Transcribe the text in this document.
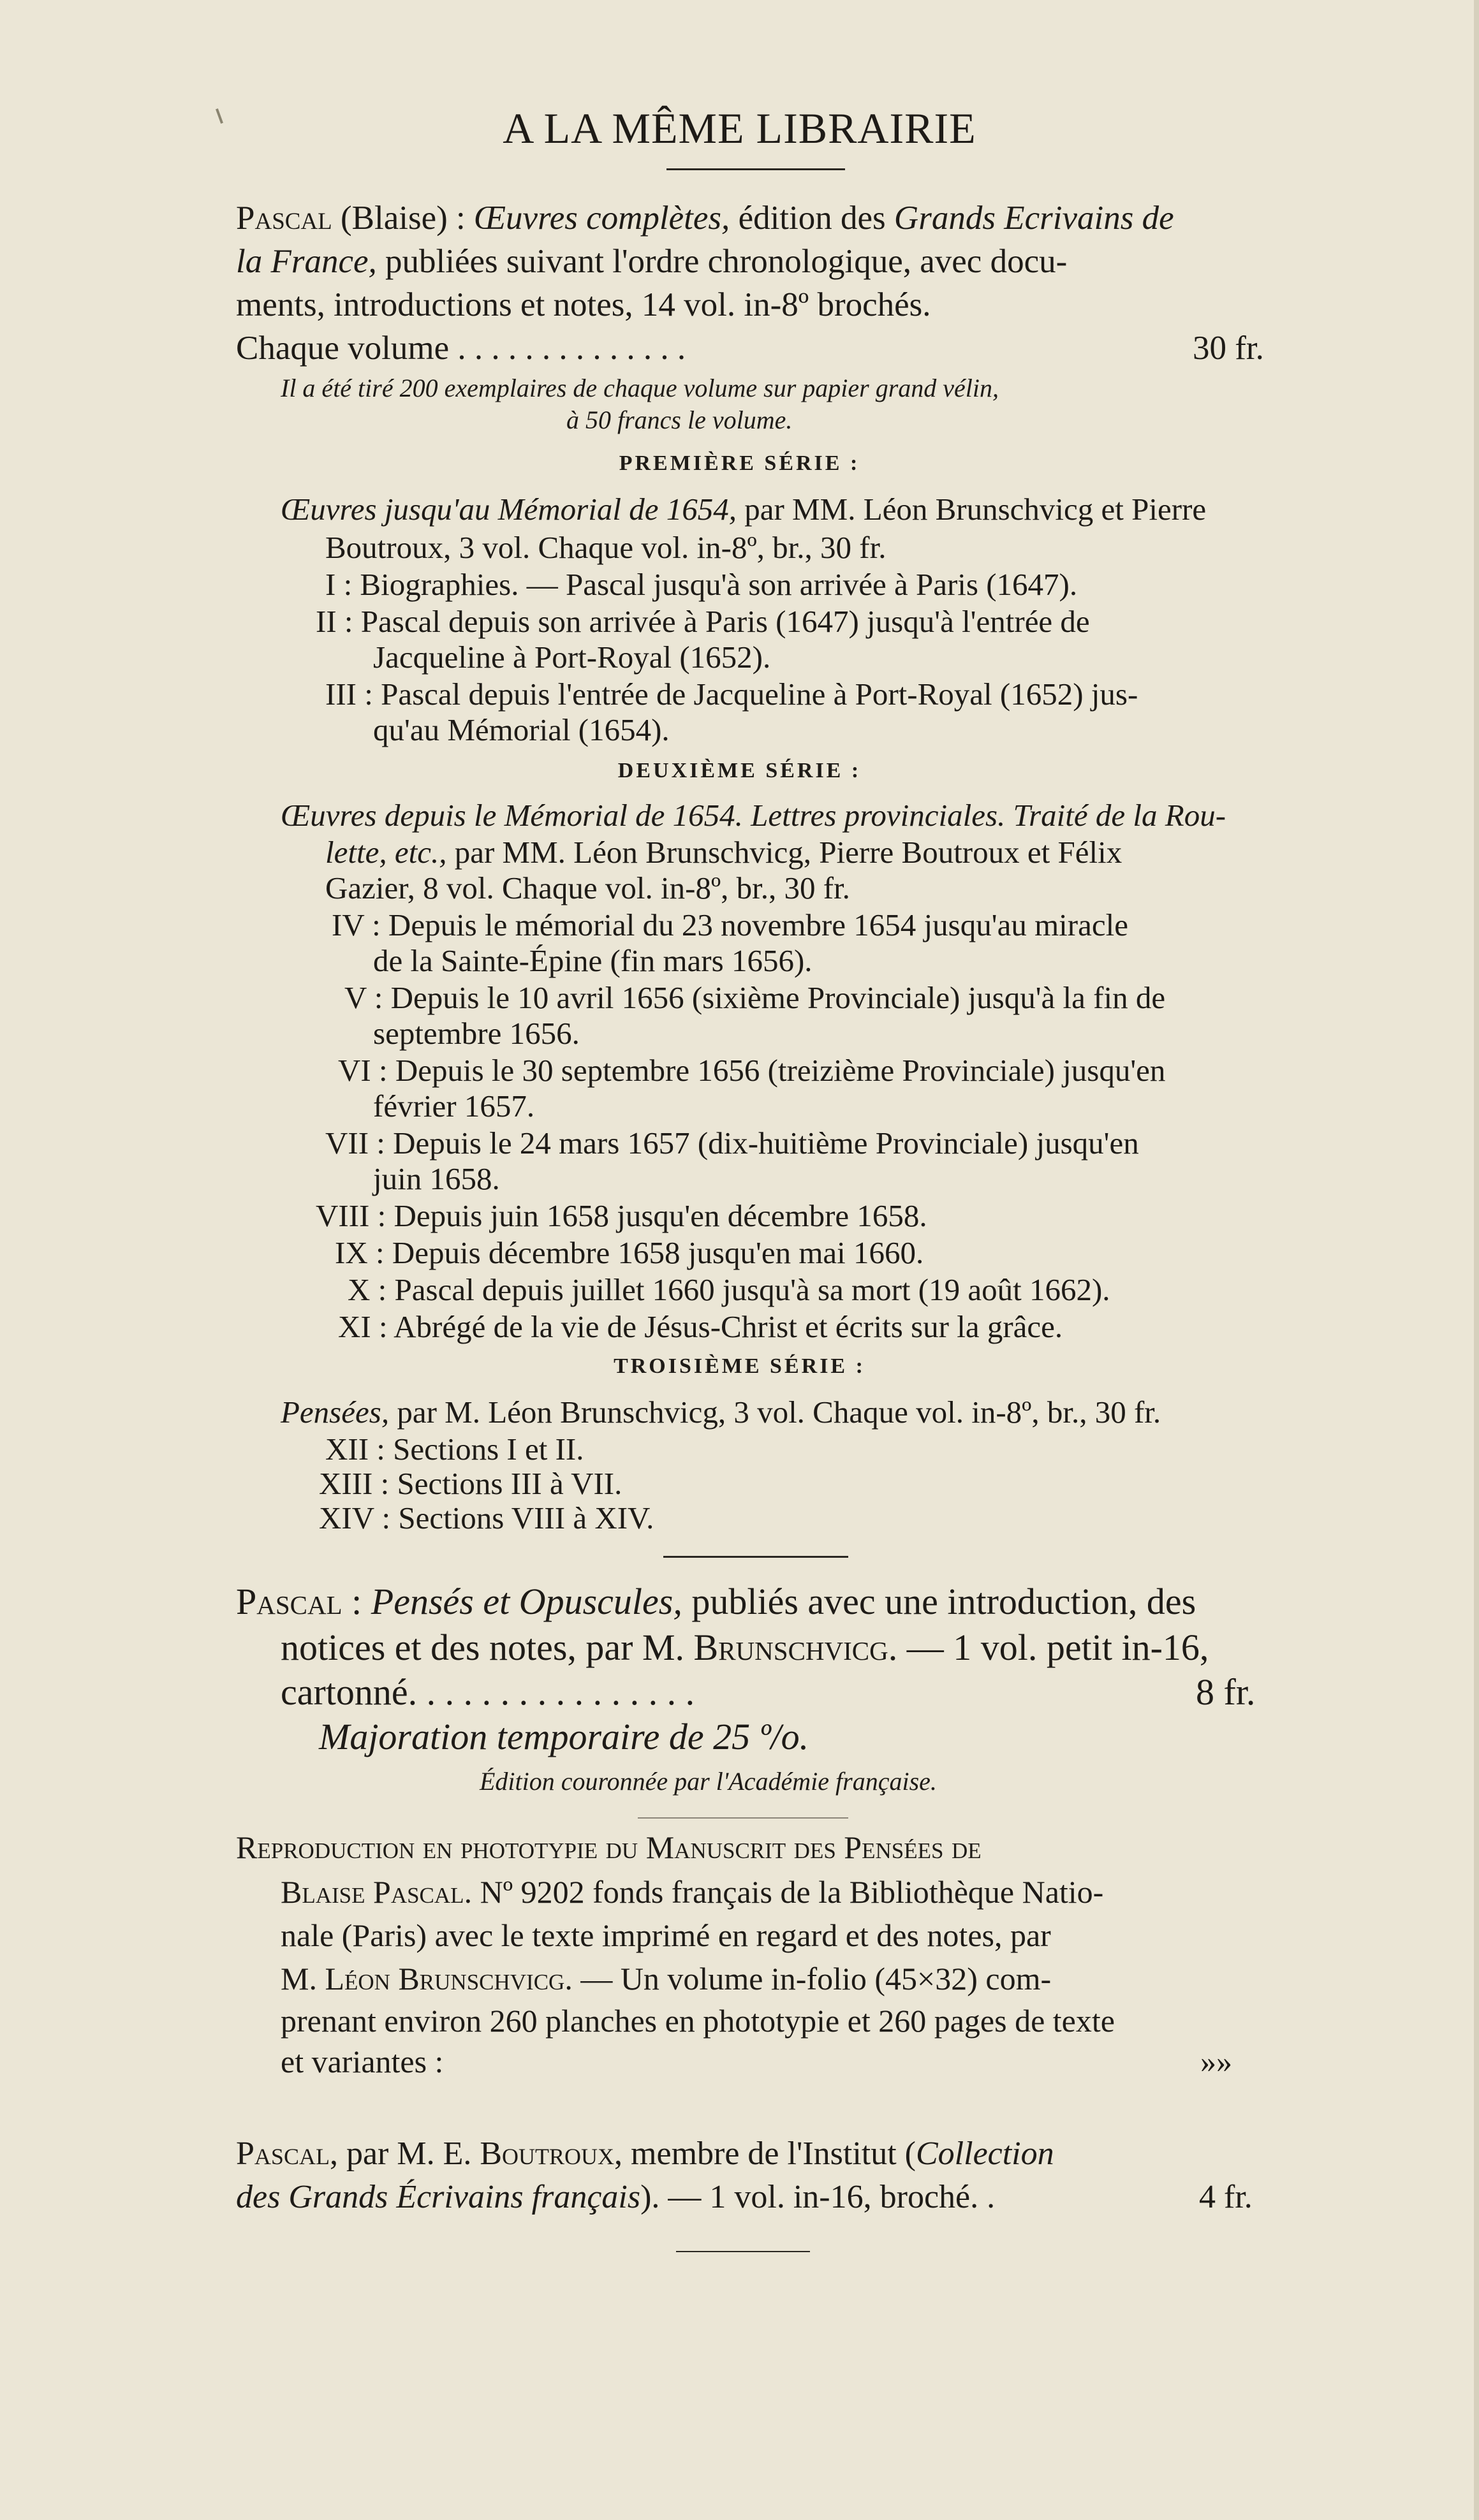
A LA MÊME LIBRAIRIE
Pascal (Blaise) : Œuvres complètes, édition des Grands Ecrivains de
la France, publiées suivant l'ordre chronologique, avec docu-
ments, introductions et notes, 14 vol. in-8º brochés.
Chaque volume . . . . . . . . . . . . . .	30 fr.
Il a été tiré 200 exemplaires de chaque volume sur papier grand vélin,
à 50 francs le volume.
PREMIÈRE SÉRIE :
Œuvres jusqu'au Mémorial de 1654, par MM. Léon Brunschvicg et Pierre
Boutroux, 3 vol. Chaque vol. in-8º, br., 30 fr.
I : Biographies. — Pascal jusqu'à son arrivée à Paris (1647).
II : Pascal depuis son arrivée à Paris (1647) jusqu'à l'entrée de
Jacqueline à Port-Royal (1652).
III : Pascal depuis l'entrée de Jacqueline à Port-Royal (1652) jus-
qu'au Mémorial (1654).
DEUXIÈME SÉRIE :
Œuvres depuis le Mémorial de 1654. Lettres provinciales. Traité de la Rou-
lette, etc., par MM. Léon Brunschvicg, Pierre Boutroux et Félix
Gazier, 8 vol. Chaque vol. in-8º, br., 30 fr.
IV : Depuis le mémorial du 23 novembre 1654 jusqu'au miracle
de la Sainte-Épine (fin mars 1656).
V : Depuis le 10 avril 1656 (sixième Provinciale) jusqu'à la fin de
septembre 1656.
VI : Depuis le 30 septembre 1656 (treizième Provinciale) jusqu'en
février 1657.
VII : Depuis le 24 mars 1657 (dix-huitième Provinciale) jusqu'en
juin 1658.
VIII : Depuis juin 1658 jusqu'en décembre 1658.
IX : Depuis décembre 1658 jusqu'en mai 1660.
X : Pascal depuis juillet 1660 jusqu'à sa mort (19 août 1662).
XI : Abrégé de la vie de Jésus-Christ et écrits sur la grâce.
TROISIÈME SÉRIE :
Pensées, par M. Léon Brunschvicg, 3 vol. Chaque vol. in-8º, br., 30 fr.
XII : Sections I et II.
XIII : Sections III à VII.
XIV : Sections VIII à XIV.
Pascal : Pensés et Opuscules, publiés avec une introduction, des
notices et des notes, par M. Brunschvicg. — 1 vol. petit in-16,
cartonné. . . . . . . . . . . . . . . .	8 fr.
Majoration temporaire de 25 º/o.
Édition couronnée par l'Académie française.
Reproduction en phototypie du Manuscrit des Pensées de
Blaise Pascal. Nº 9202 fonds français de la Bibliothèque Natio-
nale (Paris) avec le texte imprimé en regard et des notes, par
M. Léon Brunschvicg. — Un volume in-folio (45×32) com-
prenant environ 260 planches en phototypie et 260 pages de texte
et variantes :	»»
Pascal, par M. E. Boutroux, membre de l'Institut (Collection
des Grands Écrivains français). — 1 vol. in-16, broché. .	4 fr.
